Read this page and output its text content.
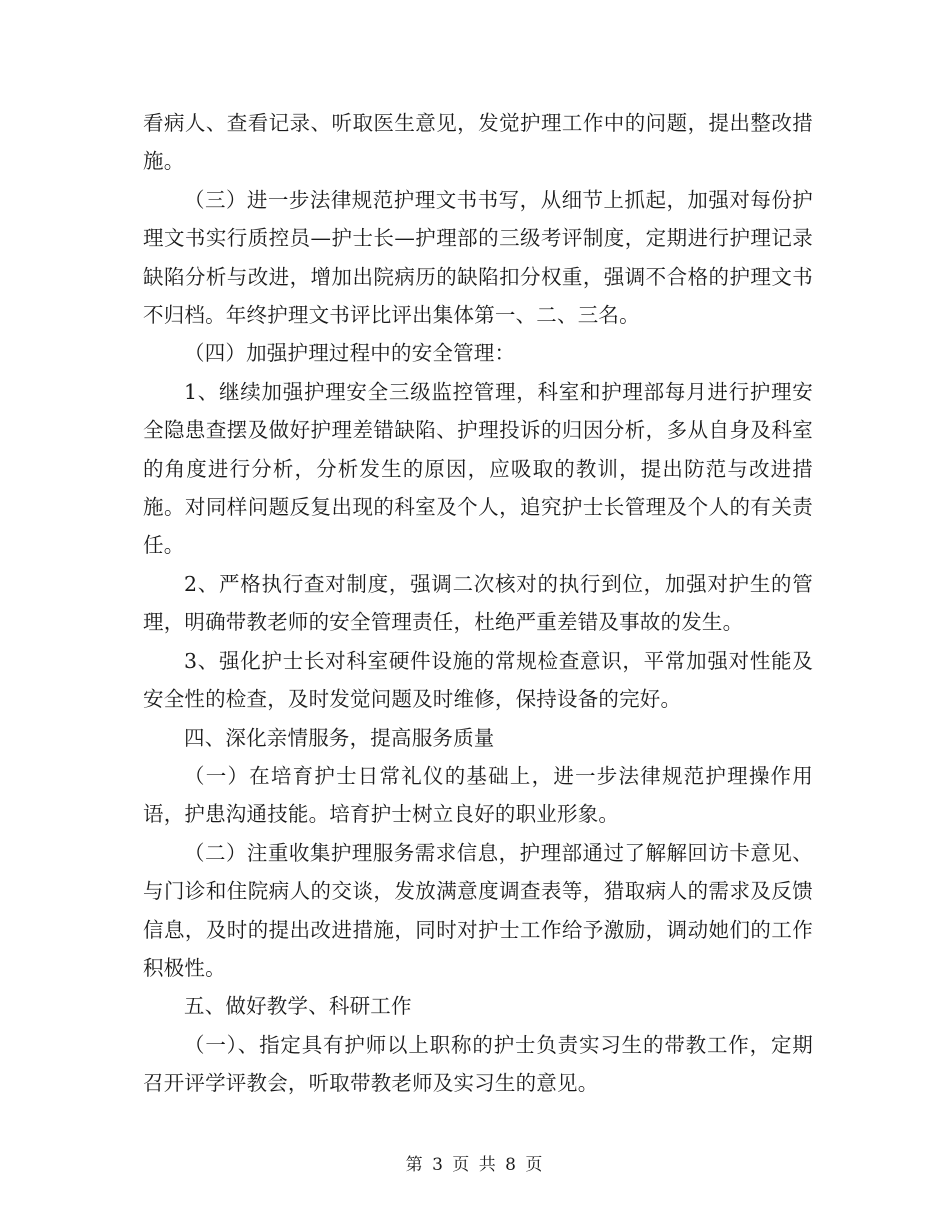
看病人、查看记录、听取医生意见，发觉护理工作中的问题，提出整改措施。

（三）进一步法律规范护理文书书写，从细节上抓起，加强对每份护理文书实行质控员—护士长—护理部的三级考评制度，定期进行护理记录缺陷分析与改进，增加出院病历的缺陷扣分权重，强调不合格的护理文书不归档。年终护理文书评比评出集体第一、二、三名。

（四）加强护理过程中的安全管理：

1、继续加强护理安全三级监控管理，科室和护理部每月进行护理安全隐患查摆及做好护理差错缺陷、护理投诉的归因分析，多从自身及科室的角度进行分析，分析发生的原因，应吸取的教训，提出防范与改进措施。对同样问题反复出现的科室及个人，追究护士长管理及个人的有关责任。

2、严格执行查对制度，强调二次核对的执行到位，加强对护生的管理，明确带教老师的安全管理责任，杜绝严重差错及事故的发生。

3、强化护士长对科室硬件设施的常规检查意识，平常加强对性能及安全性的检查，及时发觉问题及时维修，保持设备的完好。

四、深化亲情服务，提高服务质量

（一）在培育护士日常礼仪的基础上，进一步法律规范护理操作用语，护患沟通技能。培育护士树立良好的职业形象。

（二）注重收集护理服务需求信息，护理部通过了解解回访卡意见、与门诊和住院病人的交谈，发放满意度调查表等，猎取病人的需求及反馈信息，及时的提出改进措施，同时对护士工作给予激励，调动她们的工作积极性。

五、做好教学、科研工作

（一）、指定具有护师以上职称的护士负责实习生的带教工作，定期召开评学评教会，听取带教老师及实习生的意见。

第 3 页 共 8 页
